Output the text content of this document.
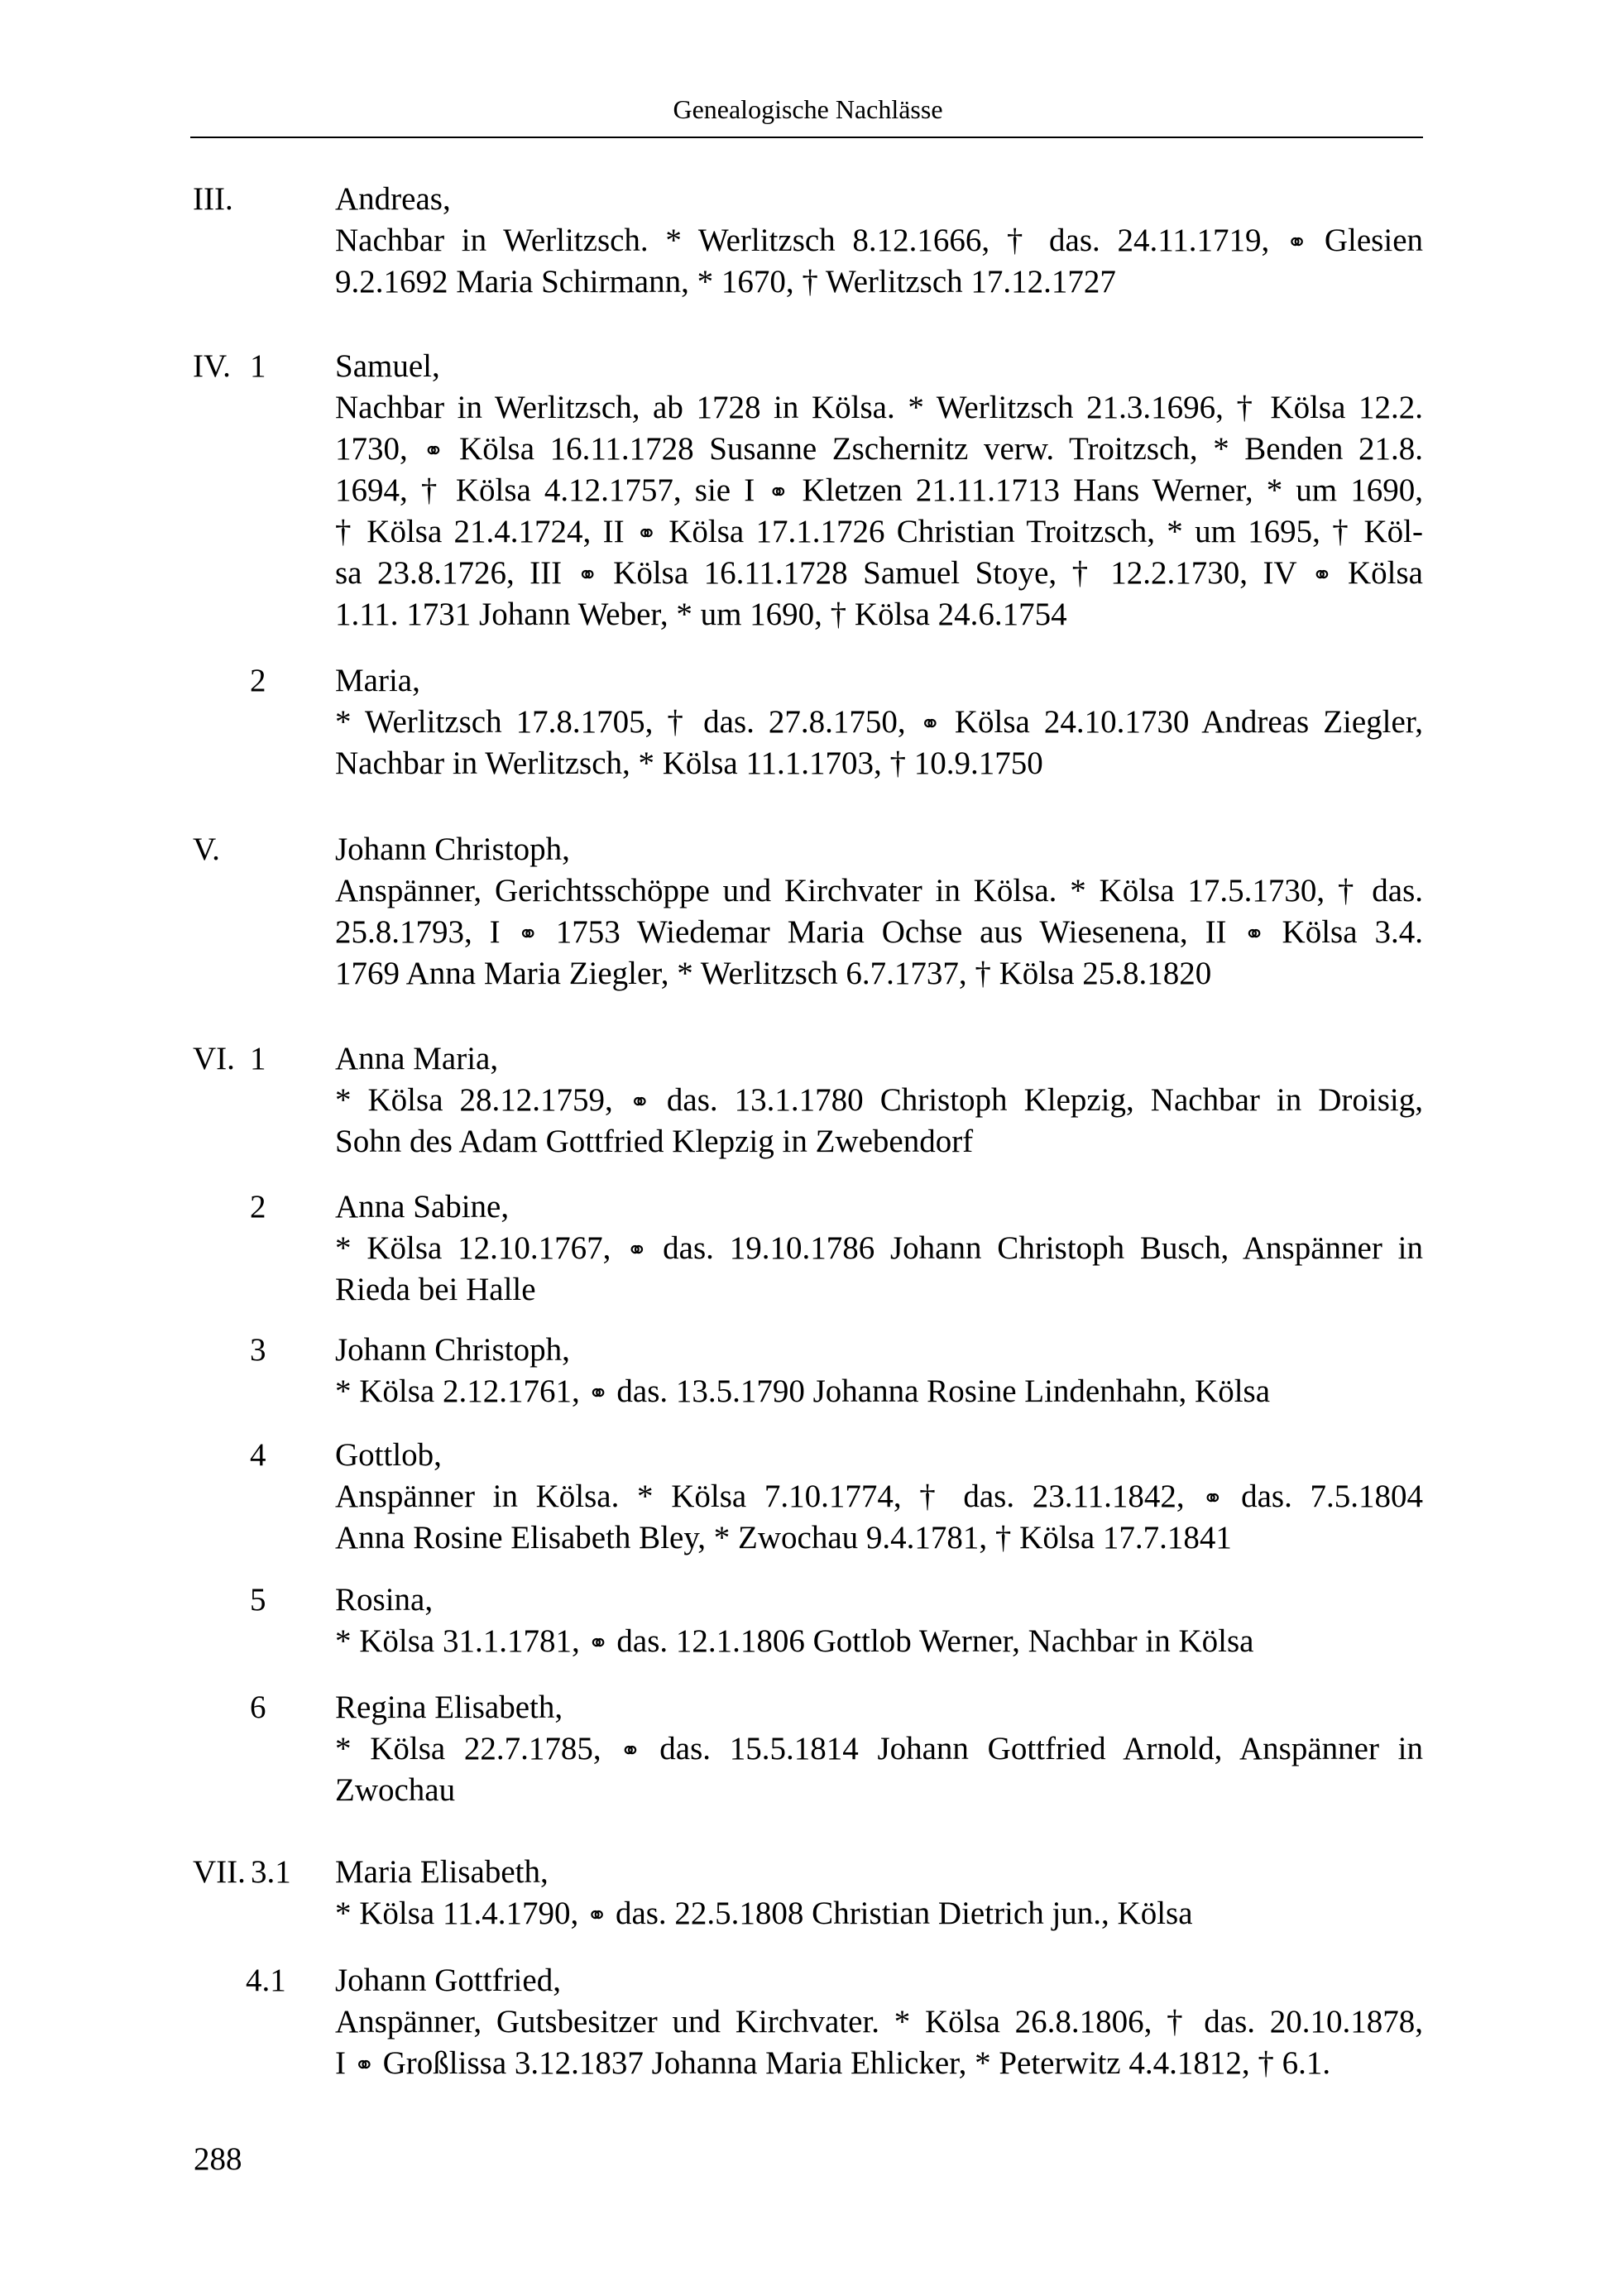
Genealogische Nachlässe
III.	Andreas,
Nachbar in Werlitzsch. * Werlitzsch 8.12.1666, † das. 24.11.1719, ⚭ Glesien
9.2.1692 Maria Schirmann, * 1670, † Werlitzsch 17.12.1727
IV. 1 Samuel,
Nachbar in Werlitzsch, ab 1728 in Kölsa. * Werlitzsch 21.3.1696, † Kölsa 12.2.
1730, ⚭ Kölsa 16.11.1728 Susanne Zschernitz verw. Troitzsch, * Benden 21.8.
1694, † Kölsa 4.12.1757, sie I ⚭ Kletzen 21.11.1713 Hans Werner, * um 1690,
† Kölsa 21.4.1724, II ⚭ Kölsa 17.1.1726 Christian Troitzsch, * um 1695, † Köl-
sa 23.8.1726, III ⚭ Kölsa 16.11.1728 Samuel Stoye, † 12.2.1730, IV ⚭ Kölsa
1.11. 1731 Johann Weber, * um 1690, † Kölsa 24.6.1754
2 Maria,
* Werlitzsch 17.8.1705, † das. 27.8.1750, ⚭ Kölsa 24.10.1730 Andreas Ziegler,
Nachbar in Werlitzsch, * Kölsa 11.1.1703, † 10.9.1750
V.	Johann Christoph,
Anspänner, Gerichtsschöppe und Kirchvater in Kölsa. * Kölsa 17.5.1730, † das.
25.8.1793, I ⚭ 1753 Wiedemar Maria Ochse aus Wiesenena, II ⚭ Kölsa 3.4.
1769 Anna Maria Ziegler, * Werlitzsch 6.7.1737, † Kölsa 25.8.1820
VI. 1 Anna Maria,
* Kölsa 28.12.1759, ⚭ das. 13.1.1780 Christoph Klepzig, Nachbar in Droisig,
Sohn des Adam Gottfried Klepzig in Zwebendorf
2 Anna Sabine,
* Kölsa 12.10.1767, ⚭ das. 19.10.1786 Johann Christoph Busch, Anspänner in
Rieda bei Halle
3 Johann Christoph,
* Kölsa 2.12.1761, ⚭ das. 13.5.1790 Johanna Rosine Lindenhahn, Kölsa
4 Gottlob,
Anspänner in Kölsa. * Kölsa 7.10.1774, † das. 23.11.1842, ⚭ das. 7.5.1804
Anna Rosine Elisabeth Bley, * Zwochau 9.4.1781, † Kölsa 17.7.1841
5 Rosina,
* Kölsa 31.1.1781, ⚭ das. 12.1.1806 Gottlob Werner, Nachbar in Kölsa
6 Regina Elisabeth,
* Kölsa 22.7.1785, ⚭ das. 15.5.1814 Johann Gottfried Arnold, Anspänner in
Zwochau
VII. 3.1 Maria Elisabeth,
* Kölsa 11.4.1790, ⚭ das. 22.5.1808 Christian Dietrich jun., Kölsa
4.1 Johann Gottfried,
Anspänner, Gutsbesitzer und Kirchvater. * Kölsa 26.8.1806, † das. 20.10.1878,
I ⚭ Großlissa 3.12.1837 Johanna Maria Ehlicker, * Peterwitz 4.4.1812, † 6.1.
288
